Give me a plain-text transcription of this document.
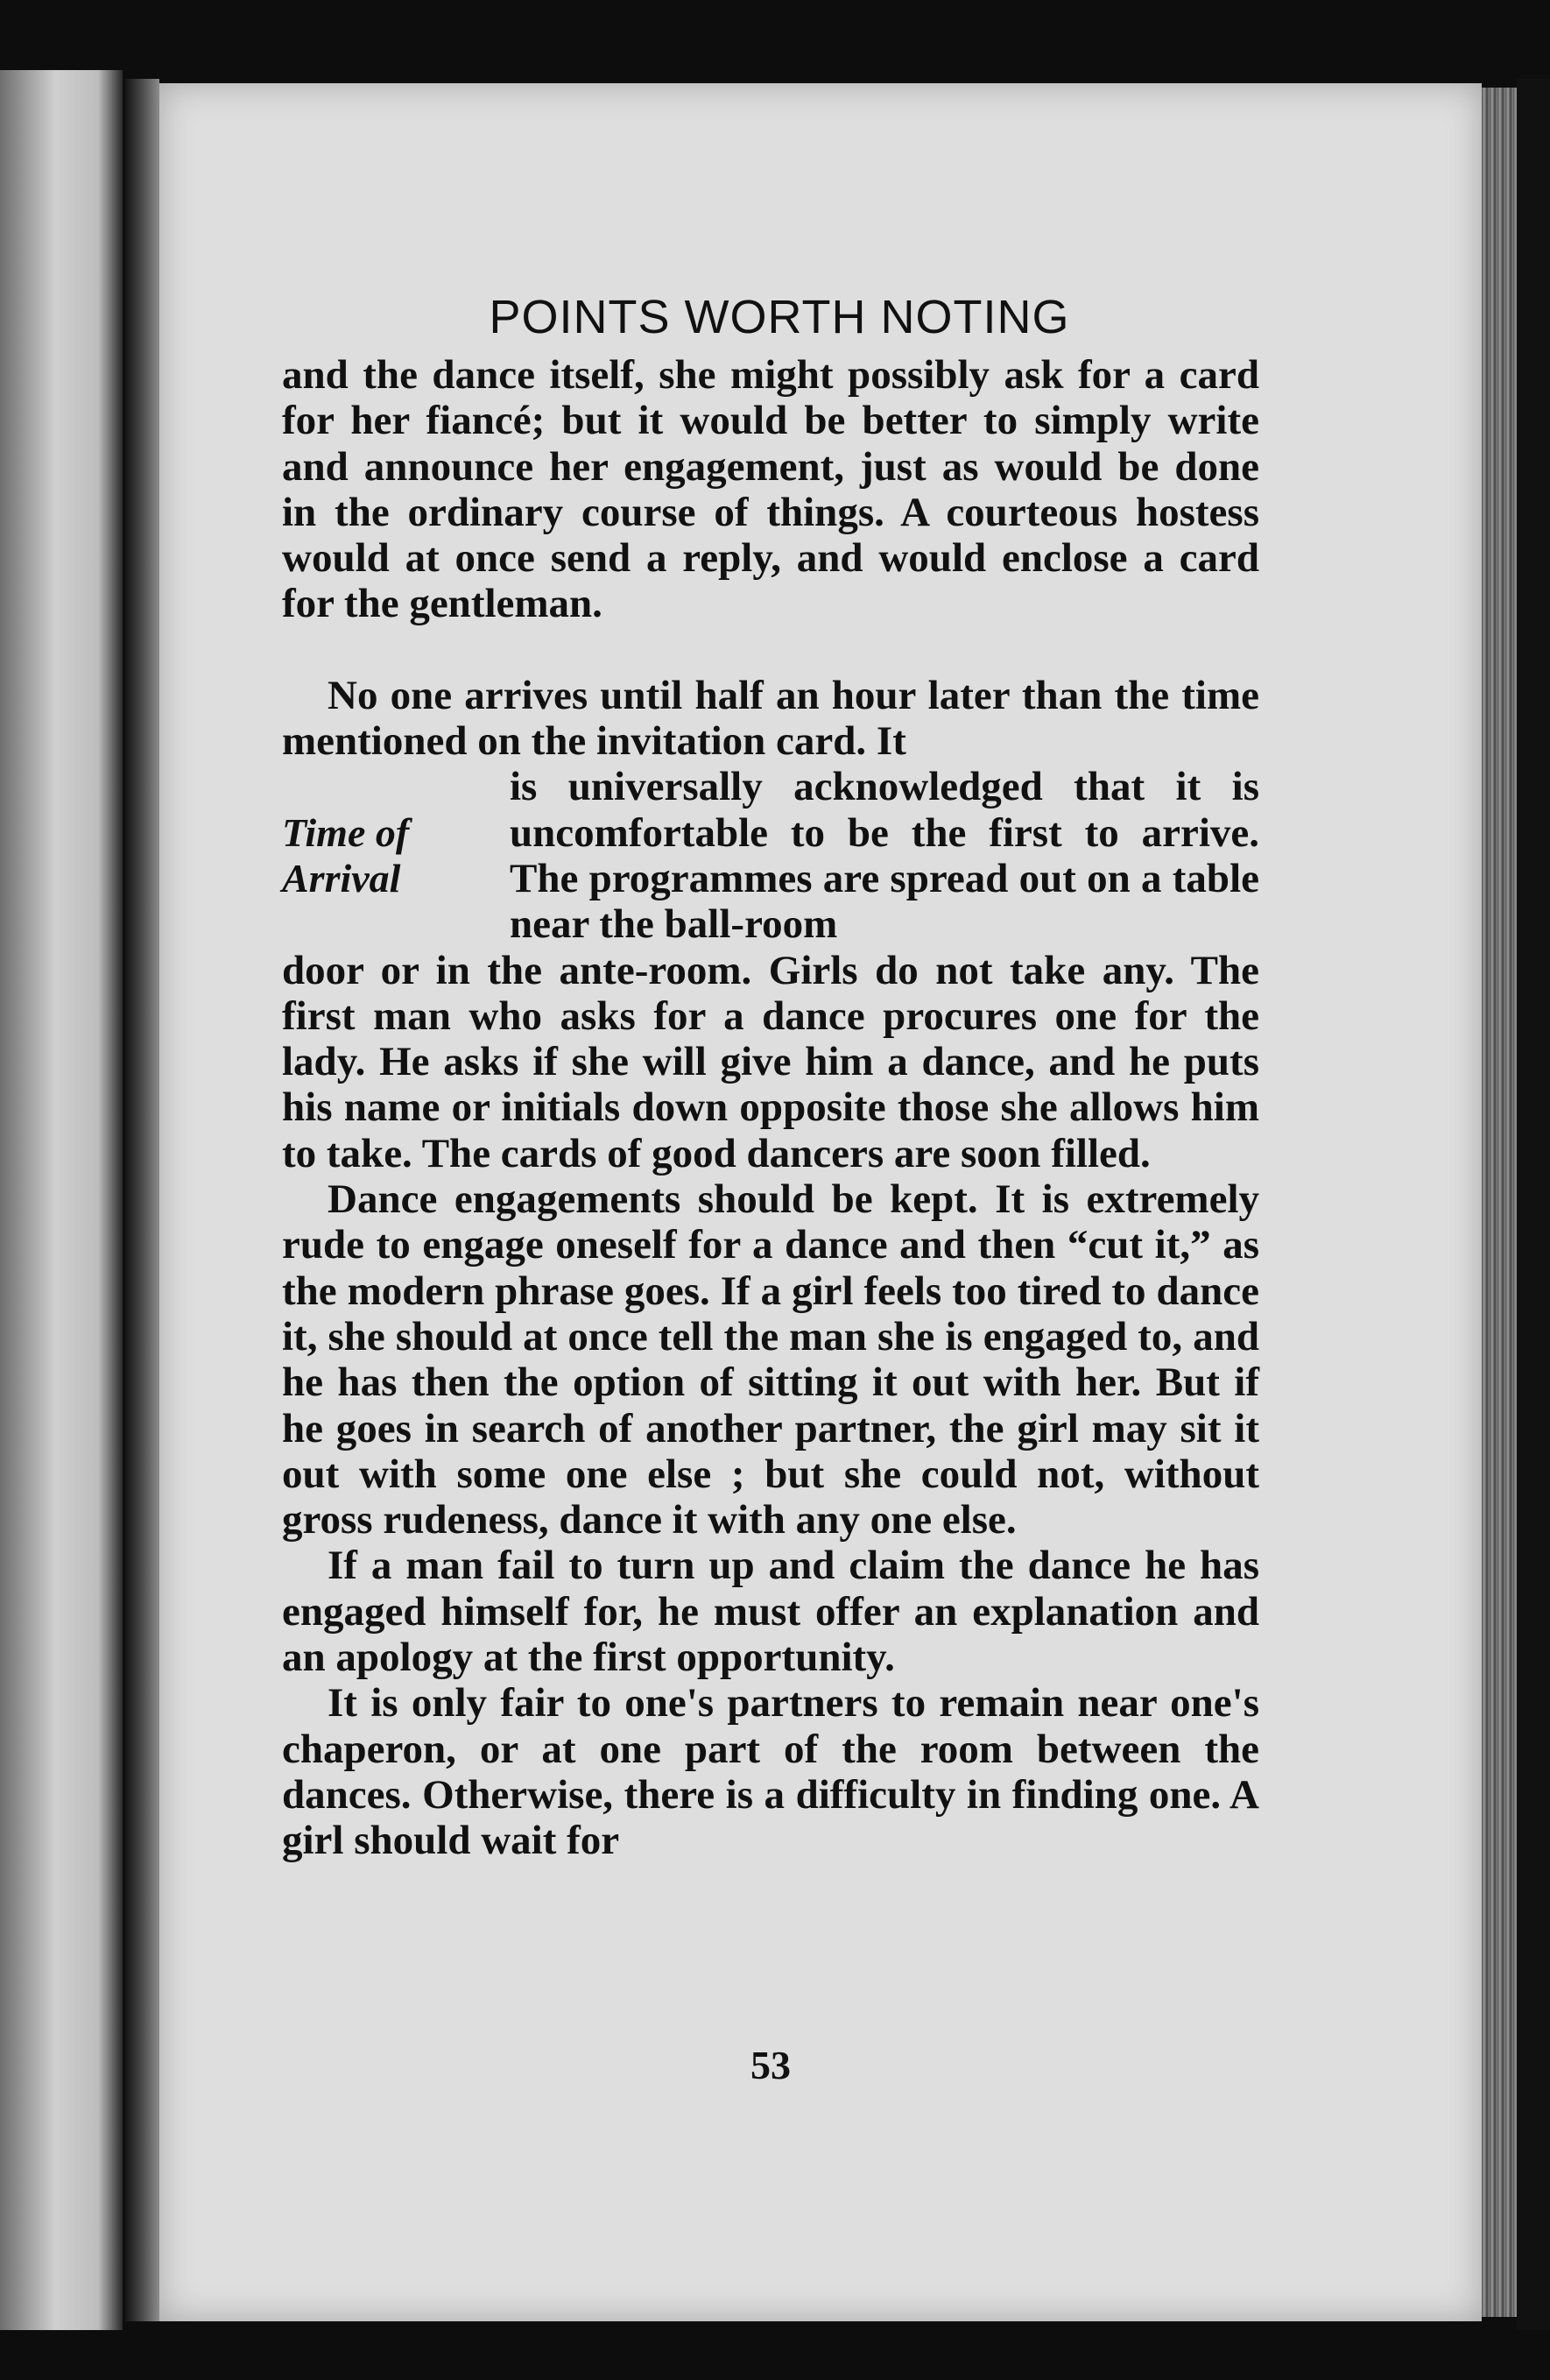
POINTS WORTH NOTING

and the dance itself, she might possibly ask for a card for her fiancé; but it would be better to simply write and announce her engagement, just as would be done in the ordinary course of things. A courteous hostess would at once send a reply, and would enclose a card for the gentleman.

No one arrives until half an hour later than the time mentioned on the invitation card. It

Time of
Arrival

is universally acknowledged that it is uncomfortable to be the first to arrive. The programmes are spread out on a table near the ball-room

door or in the ante-room. Girls do not take any. The first man who asks for a dance procures one for the lady. He asks if she will give him a dance, and he puts his name or initials down opposite those she allows him to take. The cards of good dancers are soon filled.

Dance engagements should be kept. It is extremely rude to engage oneself for a dance and then “cut it,” as the modern phrase goes. If a girl feels too tired to dance it, she should at once tell the man she is engaged to, and he has then the option of sitting it out with her. But if he goes in search of another partner, the girl may sit it out with some one else ; but she could not, without gross rudeness, dance it with any one else.

If a man fail to turn up and claim the dance he has engaged himself for, he must offer an explanation and an apology at the first opportunity.

It is only fair to one's partners to remain near one's chaperon, or at one part of the room between the dances. Otherwise, there is a difficulty in finding one. A girl should wait for

53
